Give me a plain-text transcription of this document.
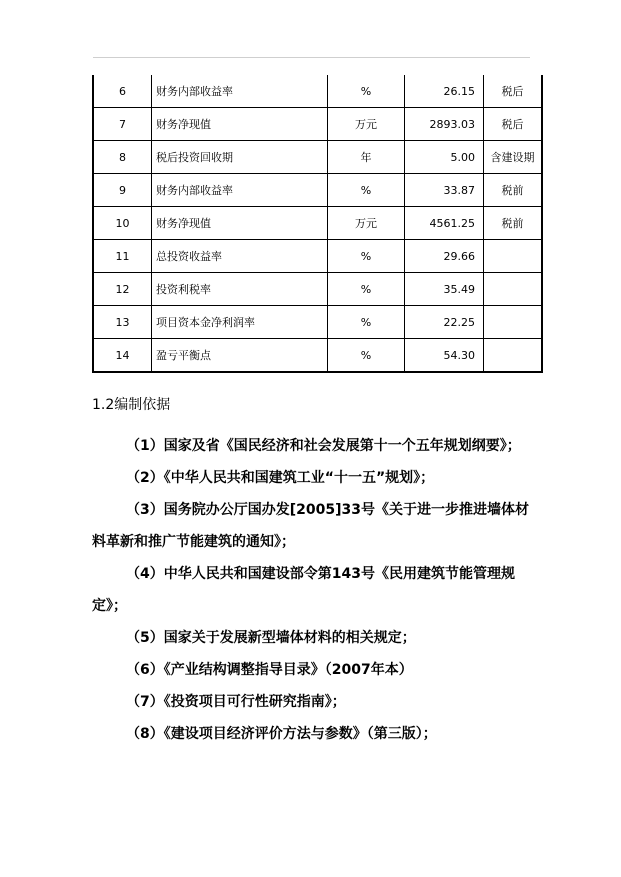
6	财务内部收益率	%	26.15	税后
7	财务净现值	万元	2893.03	税后
8	税后投资回收期	年	5.00	含建设期
9	财务内部收益率	%	33.87	税前
10	财务净现值	万元	4561.25	税前
11	总投资收益率	%	29.66	
12	投资利税率	%	35.49	
13	项目资本金净利润率	%	22.25	
14	盈亏平衡点	%	54.30	
1.2编制依据

（1）国家及省《国民经济和社会发展第十一个五年规划纲要》；

（2）《中华人民共和国建筑工业“十一五”规划》；

（3）国务院办公厅国办发[2005]33号《关于进一步推进墙体材料革新和推广节能建筑的通知》；

（4）中华人民共和国建设部令第143号《民用建筑节能管理规定》；

（5）国家关于发展新型墙体材料的相关规定；

（6）《产业结构调整指导目录》（2007年本）

（7）《投资项目可行性研究指南》；

（8）《建设项目经济评价方法与参数》（第三版）；
